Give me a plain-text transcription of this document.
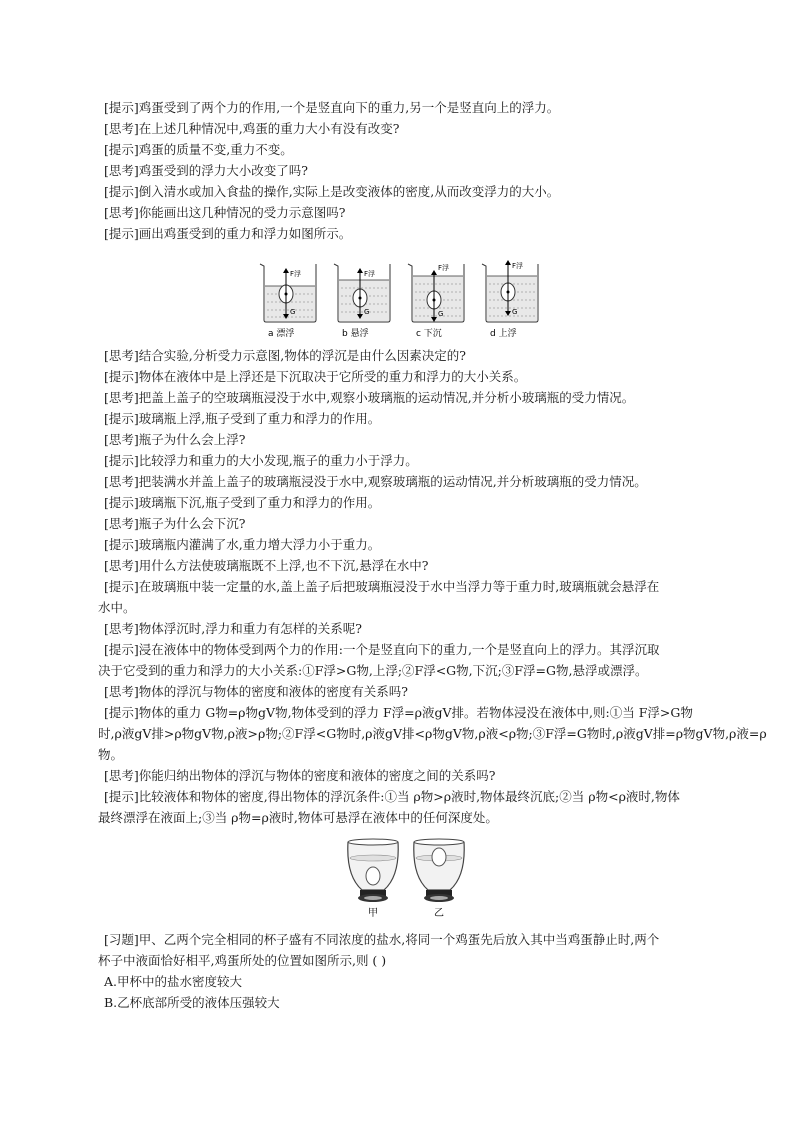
[提示]鸡蛋受到了两个力的作用,一个是竖直向下的重力,另一个是竖直向上的浮力。
[思考]在上述几种情况中,鸡蛋的重力大小有没有改变?
[提示]鸡蛋的质量不变,重力不变。
[思考]鸡蛋受到的浮力大小改变了吗?
[提示]倒入清水或加入食盐的操作,实际上是改变液体的密度,从而改变浮力的大小。
[思考]你能画出这几种情况的受力示意图吗?
[提示]画出鸡蛋受到的重力和浮力如图所示。
F浮
G
a 漂浮
F浮
G
b 悬浮
F浮
G
c 下沉
F浮
G
d 上浮
[思考]结合实验,分析受力示意图,物体的浮沉是由什么因素决定的?
[提示]物体在液体中是上浮还是下沉取决于它所受的重力和浮力的大小关系。
[思考]把盖上盖子的空玻璃瓶浸没于水中,观察小玻璃瓶的运动情况,并分析小玻璃瓶的受力情况。
[提示]玻璃瓶上浮,瓶子受到了重力和浮力的作用。
[思考]瓶子为什么会上浮?
[提示]比较浮力和重力的大小发现,瓶子的重力小于浮力。
[思考]把装满水并盖上盖子的玻璃瓶浸没于水中,观察玻璃瓶的运动情况,并分析玻璃瓶的受力情况。
[提示]玻璃瓶下沉,瓶子受到了重力和浮力的作用。
[思考]瓶子为什么会下沉?
[提示]玻璃瓶内灌满了水,重力增大浮力小于重力。
[思考]用什么方法使玻璃瓶既不上浮,也不下沉,悬浮在水中?
[提示]在玻璃瓶中装一定量的水,盖上盖子后把玻璃瓶浸没于水中当浮力等于重力时,玻璃瓶就会悬浮在
水中。
[思考]物体浮沉时,浮力和重力有怎样的关系呢?
[提示]浸在液体中的物体受到两个力的作用:一个是竖直向下的重力,一个是竖直向上的浮力。其浮沉取
决于它受到的重力和浮力的大小关系:①F浮>G物,上浮;②F浮<G物,下沉;③F浮=G物,悬浮或漂浮。
[思考]物体的浮沉与物体的密度和液体的密度有关系吗?
[提示]物体的重力 G物=ρ物gV物,物体受到的浮力 F浮=ρ液gV排。若物体浸没在液体中,则:①当 F浮>G物
时,ρ液gV排>ρ物gV物,ρ液>ρ物;②F浮<G物时,ρ液gV排<ρ物gV物,ρ液<ρ物;③F浮=G物时,ρ液gV排=ρ物gV物,ρ液=ρ
物。
[思考]你能归纳出物体的浮沉与物体的密度和液体的密度之间的关系吗?
[提示]比较液体和物体的密度,得出物体的浮沉条件:①当 ρ物>ρ液时,物体最终沉底;②当 ρ物<ρ液时,物体
最终漂浮在液面上;③当 ρ物=ρ液时,物体可悬浮在液体中的任何深度处。
甲	乙
[习题]甲、乙两个完全相同的杯子盛有不同浓度的盐水,将同一个鸡蛋先后放入其中当鸡蛋静止时,两个
杯子中液面恰好相平,鸡蛋所处的位置如图所示,则 ( )
A.甲杯中的盐水密度较大
B.乙杯底部所受的液体压强较大
